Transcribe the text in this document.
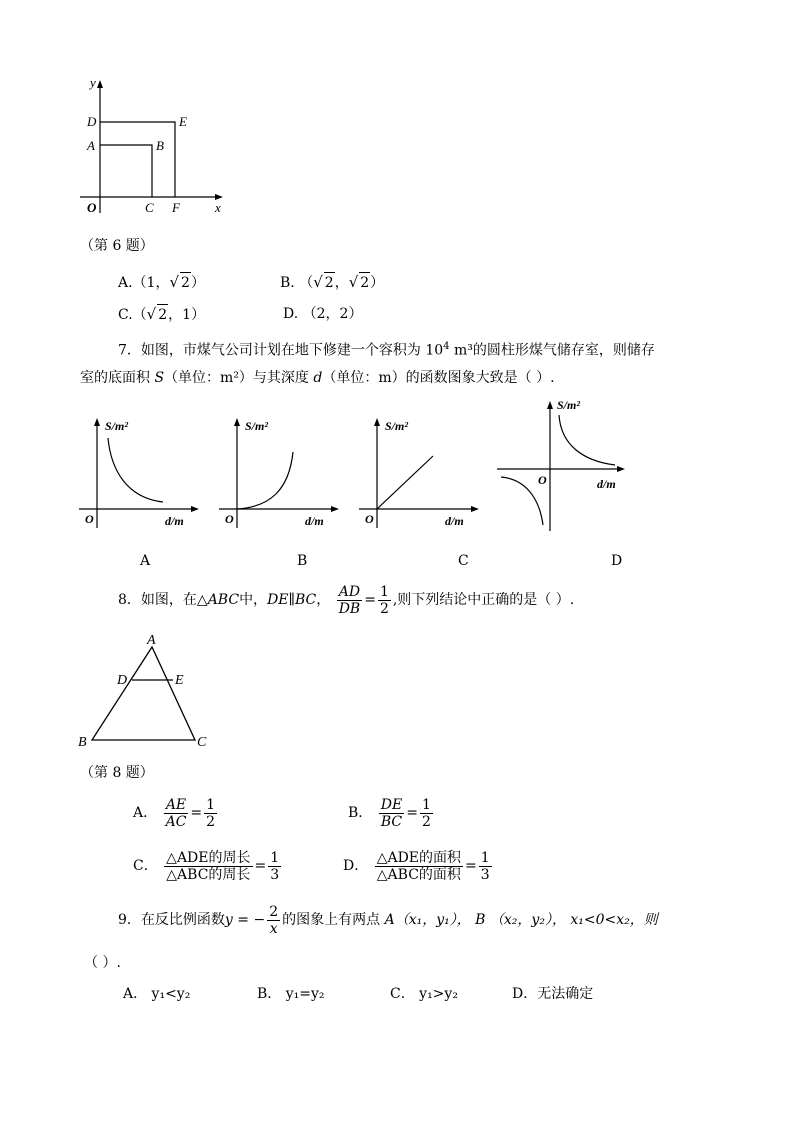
y
x
O
D
A	B
E
C F
（第 6 题）
A.（1，√ 2）	B. （√ 2，√ 2）
C.（√ 2，1）	D. （2，2）
7．如图，市煤气公司计划在地下修建一个容积为 $10^4$ m³的圆柱形煤气储存室，则储存
室的底面积 S（单位：m²）与其深度 d（单位：m）的函数图象大致是（ ）.
S/m²
d/m
O
S/m²
d/m
O
S/m²
d/m
O
S/m²
d/m
O
A	B	C	D
8．如图，在△ABC中，DE∥BC， $\frac{AD}{DB} = \frac{1}{2}$ ,则下列结论中正确的是（ ）.
A
D	E
B	C
（第 8 题）
A． $\frac{AE}{AC} = \frac{1}{2}$	B． $\frac{DE}{BC} = \frac{1}{2}$
C． $\frac{\text{△ADE的周长}}{\text{△ABC的周长}} = \frac{1}{3}$	D． $\frac{\text{△ADE的面积}}{\text{△ABC的面积}} = \frac{1}{3}$
9．在反比例函数y = − $\frac{2}{x}$ 的图象上有两点 A（x₁，y₁）， B （x₂，y₂）， x₁<0<x₂，则
（ ）.
A． y₁<y₂	B． y₁=y₂	C． y₁>y₂	D．无法确定
